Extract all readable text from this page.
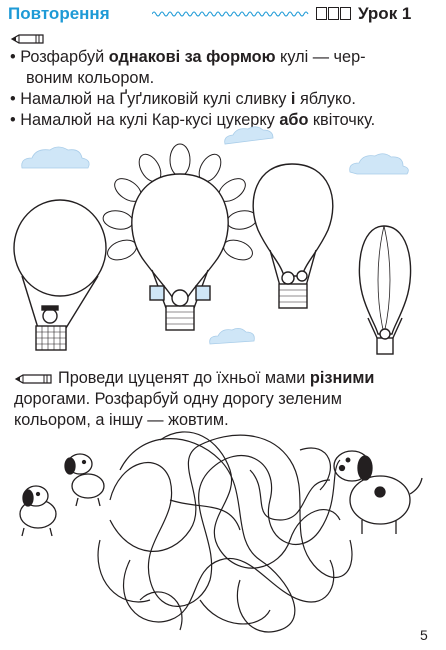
Повторення	Урок 1
• Розфарбуй однакові за формою кулі — чер-
воним кольором.
• Намалюй на Ґуґликовій кулі сливку і яблуко.
• Намалюй на кулі Кар-кусі цукерку або квіточку.
Проведи цуценят до їхньої мами різними
дорогами. Розфарбуй одну дорогу зеленим
кольором, а іншу — жовтим.
5
